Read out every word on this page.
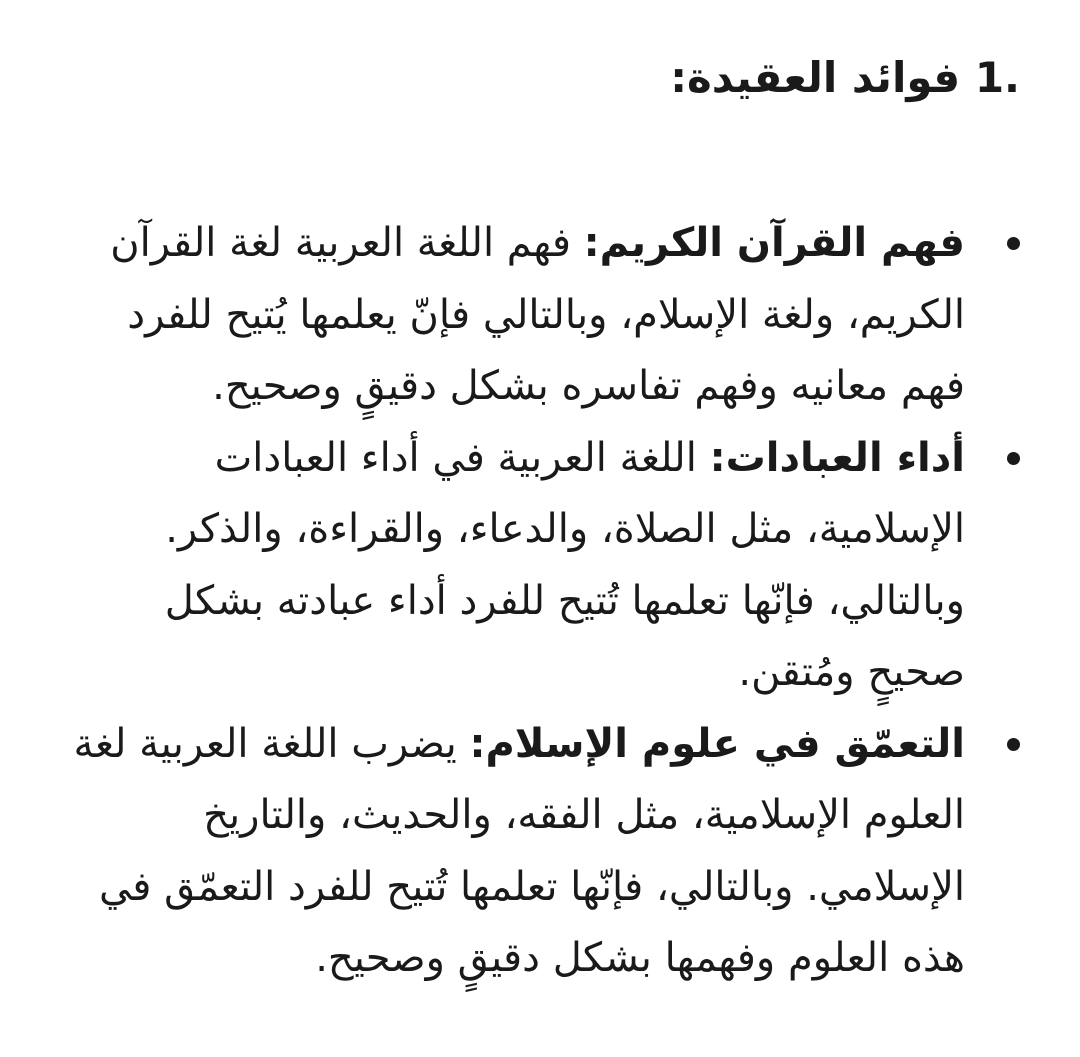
1. فوائد العقيدة:
فهم القرآن الكريم: فهم اللغة العربية لغة القرآن الكريم، ولغة الإسلام، وبالتالي فإنّ يعلمها يُتيح للفرد فهم معانيه وفهم تفاسره بشكل دقيقٍ وصحيح.
أداء العبادات: اللغة العربية في أداء العبادات الإسلامية، مثل الصلاة، والدعاء، والقراءة، والذكر. وبالتالي، فإنّها تعلمها تُتيح للفرد أداء عبادته بشكل صحيحٍ ومُتقن.
التعمّق في علوم الإسلام: يضرب اللغة العربية لغة العلوم الإسلامية، مثل الفقه، والحديث، والتاريخ الإسلامي. وبالتالي، فإنّها تعلمها تُتيح للفرد التعمّق في هذه العلوم وفهمها بشكل دقيقٍ وصحيح.
